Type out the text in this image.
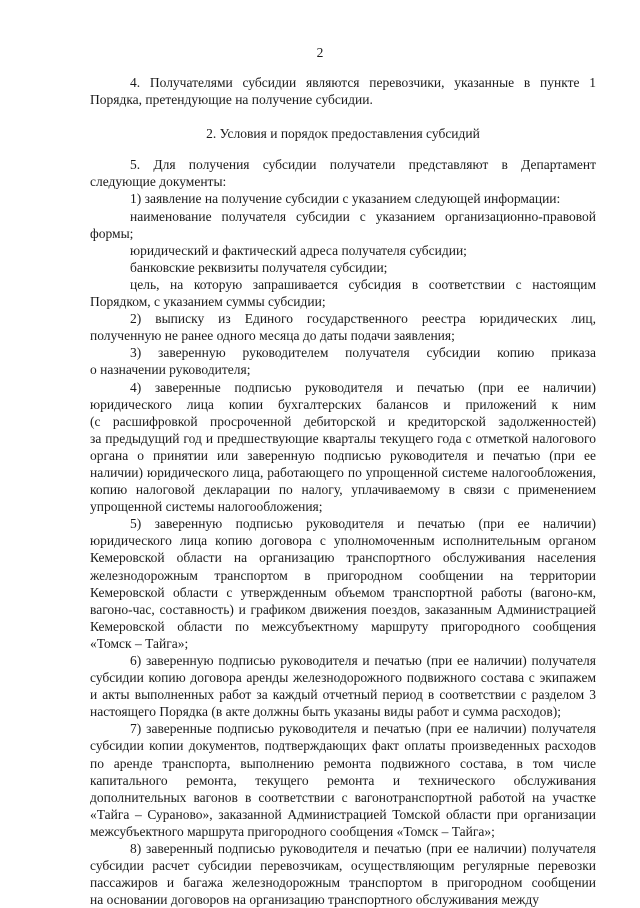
2

4. Получателями субсидии являются перевозчики, указанные в пункте 1

Порядка, претендующие на получение субсидии.

2. Условия и порядок предоставления субсидий

5. Для получения субсидии получатели представляют в Департамент

следующие документы:

1) заявление на получение субсидии с указанием следующей информации:

наименование получателя субсидии с указанием организационно-правовой

формы;

юридический и фактический адреса получателя субсидии;

банковские реквизиты получателя субсидии;

цель, на которую запрашивается субсидия в соответствии с настоящим

Порядком, с указанием суммы субсидии;

2) выписку из Единого государственного реестра юридических лиц,

полученную не ранее одного месяца до даты подачи заявления;

3) заверенную руководителем получателя субсидии копию приказа

о назначении руководителя;

4) заверенные подписью руководителя и печатью (при ее наличии)

юридического лица копии бухгалтерских балансов и приложений к ним

(с расшифровкой просроченной дебиторской и кредиторской задолженностей)

за предыдущий год и предшествующие кварталы текущего года с отметкой налогового

органа о принятии или заверенную подписью руководителя и печатью (при ее

наличии) юридического лица, работающего по упрощенной системе налогообложения,

копию налоговой декларации по налогу, уплачиваемому в связи с применением

упрощенной системы налогообложения;

5) заверенную подписью руководителя и печатью (при ее наличии)

юридического лица копию договора с уполномоченным исполнительным органом

Кемеровской области на организацию транспортного обслуживания населения

железнодорожным транспортом в пригородном сообщении на территории

Кемеровской области с утвержденным объемом транспортной работы (вагоно-км,

вагоно-час, составность) и графиком движения поездов, заказанным Администрацией

Кемеровской области по межсубъектному маршруту пригородного сообщения

«Томск – Тайга»;

6) заверенную подписью руководителя и печатью (при ее наличии) получателя

субсидии копию договора аренды железнодорожного подвижного состава с экипажем

и акты выполненных работ за каждый отчетный период в соответствии с разделом 3

настоящего Порядка (в акте должны быть указаны виды работ и сумма расходов);

7) заверенные подписью руководителя и печатью (при ее наличии) получателя

субсидии копии документов, подтверждающих факт оплаты произведенных расходов

по аренде транспорта, выполнению ремонта подвижного состава, в том числе

капитального ремонта, текущего ремонта и технического обслуживания

дополнительных вагонов в соответствии с вагонотранспортной работой на участке

«Тайга – Сураново», заказанной Администрацией Томской области при организации

межсубъектного маршрута пригородного сообщения «Томск – Тайга»;

8) заверенный подписью руководителя и печатью (при ее наличии) получателя

субсидии расчет субсидии перевозчикам, осуществляющим регулярные перевозки

пассажиров и багажа железнодорожным транспортом в пригородном сообщении

на основании договоров на организацию транспортного обслуживания между
